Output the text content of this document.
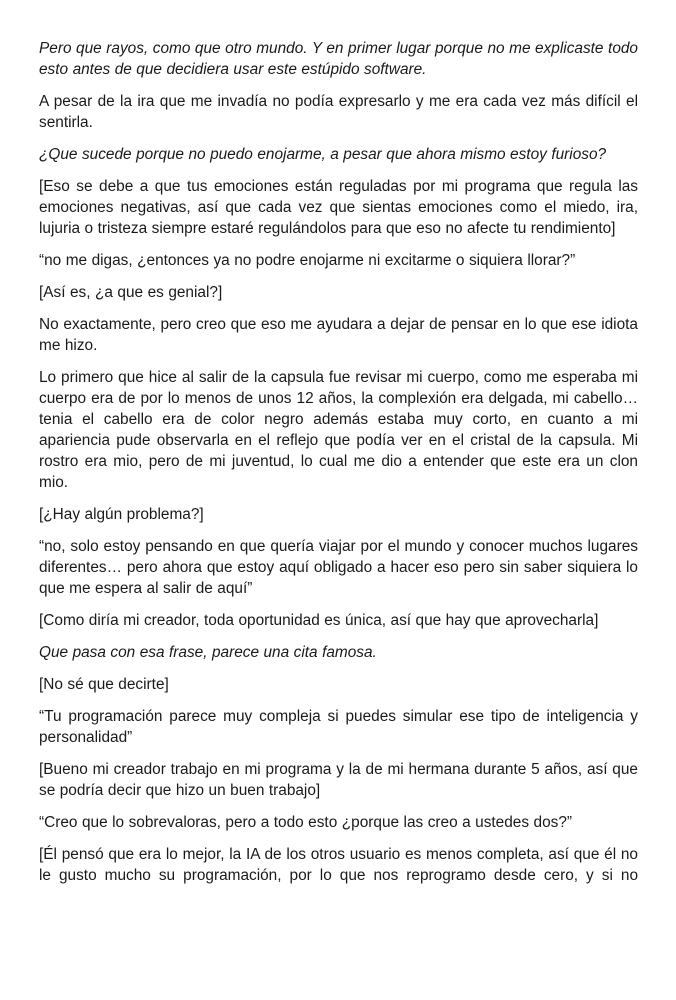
Pero que rayos, como que otro mundo. Y en primer lugar porque no me explicaste todo esto antes de que decidiera usar este estúpido software.

A pesar de la ira que me invadía no podía expresarlo y me era cada vez más difícil el sentirla.

¿Que sucede porque no puedo enojarme, a pesar que ahora mismo estoy furioso?

[Eso se debe a que tus emociones están reguladas por mi programa que regula las emociones negativas, así que cada vez que sientas emociones como el miedo, ira, lujuria o tristeza siempre estaré regulándolos para que eso no afecte tu rendimiento]

“no me digas, ¿entonces ya no podre enojarme ni excitarme o siquiera llorar?”

[Así es, ¿a que es genial?]

No exactamente, pero creo que eso me ayudara a dejar de pensar en lo que ese idiota me hizo.

Lo primero que hice al salir de la capsula fue revisar mi cuerpo, como me esperaba mi cuerpo era de por lo menos de unos 12 años, la complexión era delgada, mi cabello… tenia el cabello era de color negro además estaba muy corto, en cuanto a mi apariencia pude observarla en el reflejo que podía ver en el cristal de la capsula. Mi rostro era mio, pero de mi juventud, lo cual me dio a entender que este era un clon mio.

[¿Hay algún problema?]

“no, solo estoy pensando en que quería viajar por el mundo y conocer muchos lugares diferentes… pero ahora que estoy aquí obligado a hacer eso pero sin saber siquiera lo que me espera al salir de aquí”

[Como diría mi creador, toda oportunidad es única, así que hay que aprovecharla]

Que pasa con esa frase, parece una cita famosa.

[No sé que decirte]

“Tu programación parece muy compleja si puedes simular ese tipo de inteligencia y personalidad”

[Bueno mi creador trabajo en mi programa y la de mi hermana durante 5 años, así que se podría decir que hizo un buen trabajo]

“Creo que lo sobrevaloras, pero a todo esto ¿porque las creo a ustedes dos?”

[Él pensó que era lo mejor, la IA de los otros usuario es menos completa, así que él no le gusto mucho su programación, por lo que nos reprogramo desde cero, y si no
